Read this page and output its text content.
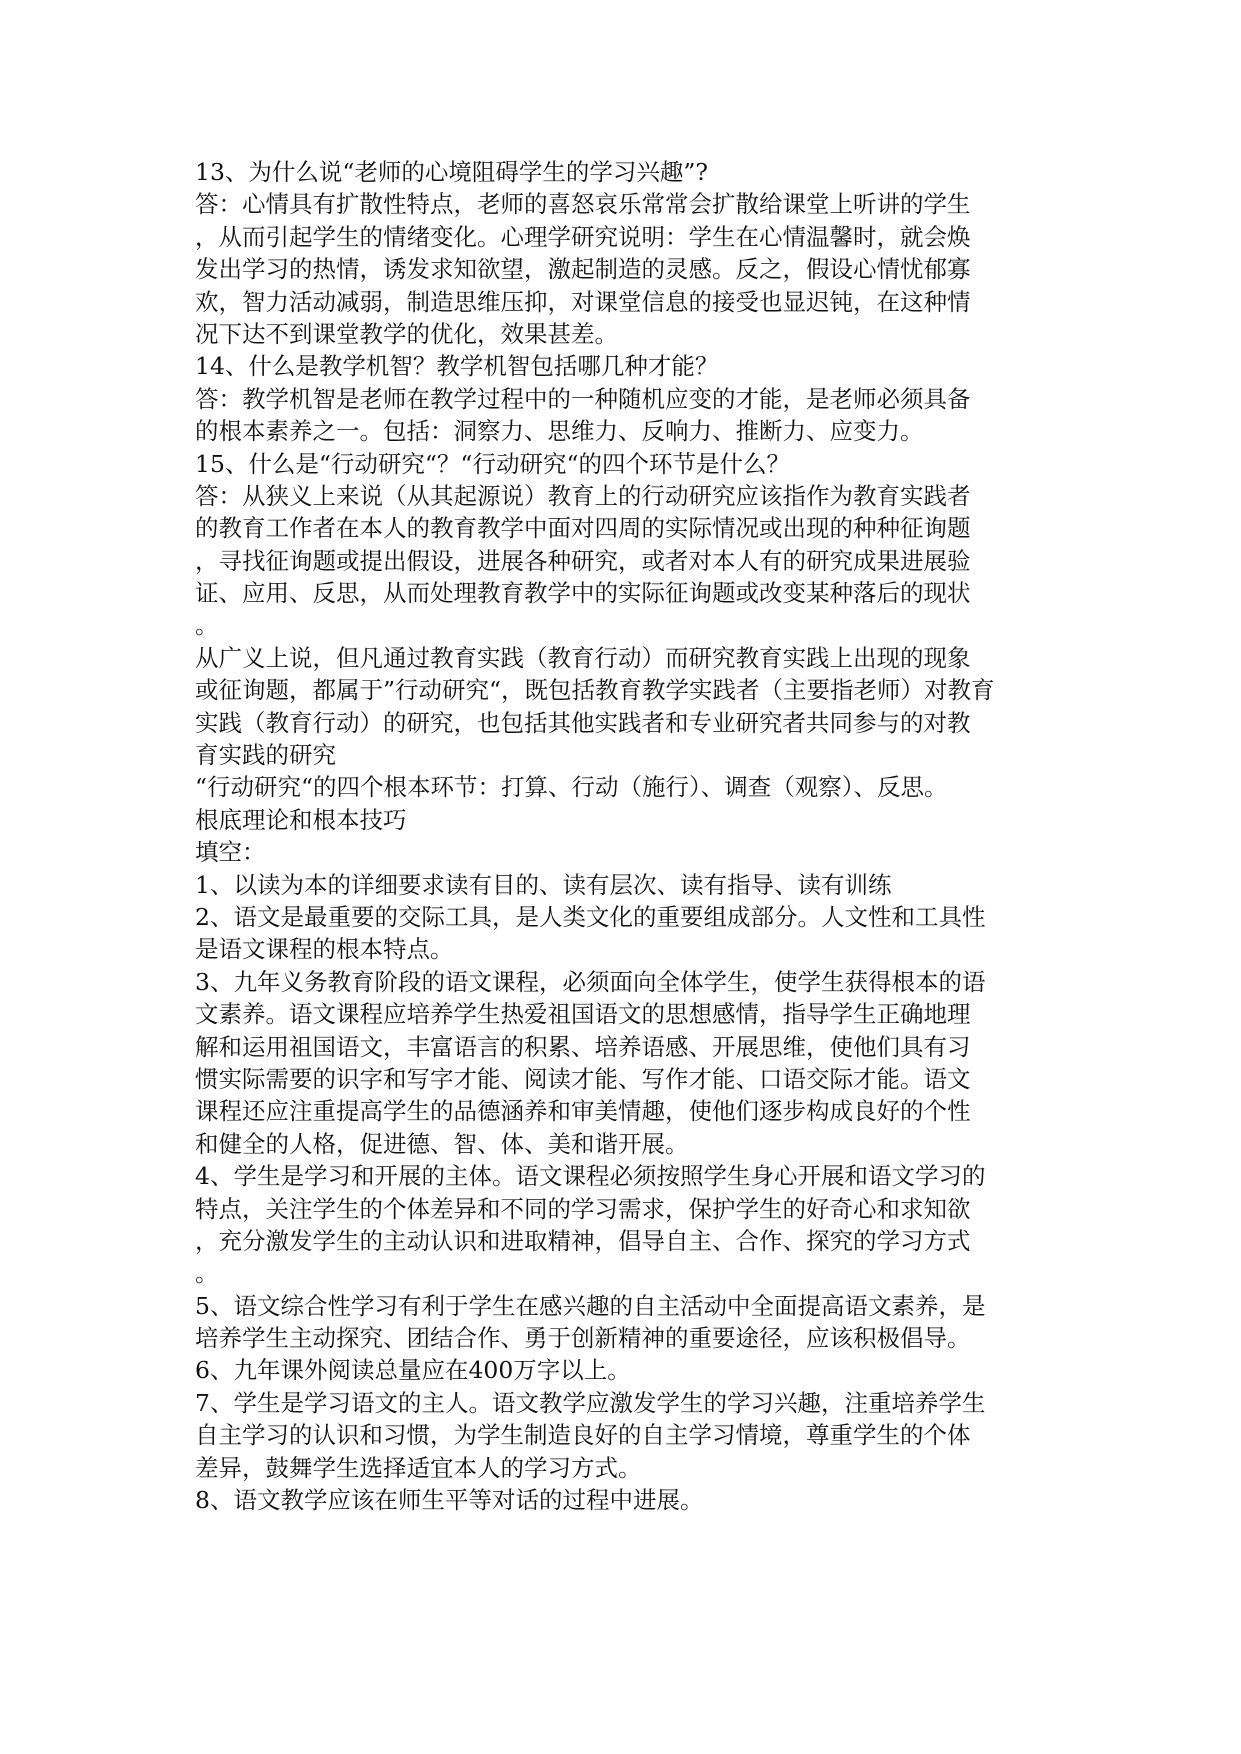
13、为什么说“老师的心境阻碍学生的学习兴趣”?
答：心情具有扩散性特点，老师的喜怒哀乐常常会扩散给课堂上听讲的学生
，从而引起学生的情绪变化。心理学研究说明：学生在心情温馨时，就会焕
发出学习的热情，诱发求知欲望，激起制造的灵感。反之，假设心情忧郁寡
欢，智力活动减弱，制造思维压抑，对课堂信息的接受也显迟钝，在这种情
况下达不到课堂教学的优化，效果甚差。
14、什么是教学机智？教学机智包括哪几种才能？
答：教学机智是老师在教学过程中的一种随机应变的才能，是老师必须具备
的根本素养之一。包括：洞察力、思维力、反响力、推断力、应变力。
15、什么是“行动研究“？“行动研究“的四个环节是什么？
答：从狭义上来说（从其起源说）教育上的行动研究应该指作为教育实践者
的教育工作者在本人的教育教学中面对四周的实际情况或出现的种种征询题
，寻找征询题或提出假设，进展各种研究，或者对本人有的研究成果进展验
证、应用、反思，从而处理教育教学中的实际征询题或改变某种落后的现状
。
从广义上说，但凡通过教育实践（教育行动）而研究教育实践上出现的现象
或征询题，都属于”行动研究“，既包括教育教学实践者（主要指老师）对教育
实践（教育行动）的研究，也包括其他实践者和专业研究者共同参与的对教
育实践的研究
“行动研究“的四个根本环节：打算、行动（施行）、调查（观察）、反思。
根底理论和根本技巧
填空：
1、以读为本的详细要求读有目的、读有层次、读有指导、读有训练
2、语文是最重要的交际工具，是人类文化的重要组成部分。人文性和工具性
是语文课程的根本特点。
3、九年义务教育阶段的语文课程，必须面向全体学生，使学生获得根本的语
文素养。语文课程应培养学生热爱祖国语文的思想感情，指导学生正确地理
解和运用祖国语文，丰富语言的积累、培养语感、开展思维，使他们具有习
惯实际需要的识字和写字才能、阅读才能、写作才能、口语交际才能。语文
课程还应注重提高学生的品德涵养和审美情趣，使他们逐步构成良好的个性
和健全的人格，促进德、智、体、美和谐开展。
4、学生是学习和开展的主体。语文课程必须按照学生身心开展和语文学习的
特点，关注学生的个体差异和不同的学习需求，保护学生的好奇心和求知欲
，充分激发学生的主动认识和进取精神，倡导自主、合作、探究的学习方式
。
5、语文综合性学习有利于学生在感兴趣的自主活动中全面提高语文素养，是
培养学生主动探究、团结合作、勇于创新精神的重要途径，应该积极倡导。
6、九年课外阅读总量应在400万字以上。
7、学生是学习语文的主人。语文教学应激发学生的学习兴趣，注重培养学生
自主学习的认识和习惯，为学生制造良好的自主学习情境，尊重学生的个体
差异，鼓舞学生选择适宜本人的学习方式。
8、语文教学应该在师生平等对话的过程中进展。
